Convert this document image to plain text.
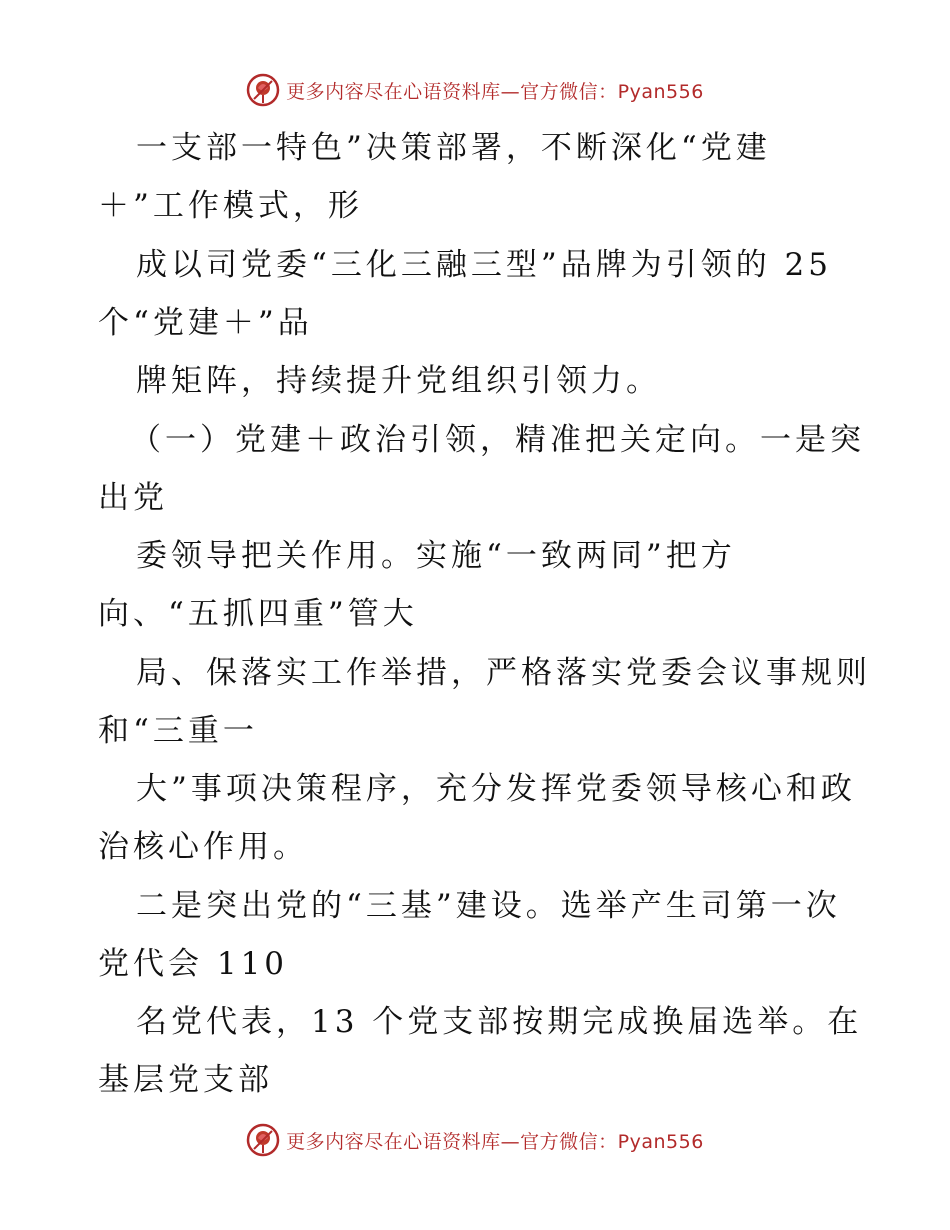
更多内容尽在心语资料库—官方微信：Pyan556
一支部一特色”决策部署，不断深化“党建
＋”工作模式，形
成以司党委“三化三融三型”品牌为引领的 25
个“党建＋”品
牌矩阵，持续提升党组织引领力。
（一）党建＋政治引领，精准把关定向。一是突
出党
委领导把关作用。实施“一致两同”把方
向、“五抓四重”管大
局、保落实工作举措，严格落实党委会议事规则
和“三重一
大”事项决策程序，充分发挥党委领导核心和政
治核心作用。
二是突出党的“三基”建设。选举产生司第一次
党代会 110
名党代表，13 个党支部按期完成换届选举。在
基层党支部
更多内容尽在心语资料库—官方微信：Pyan556
